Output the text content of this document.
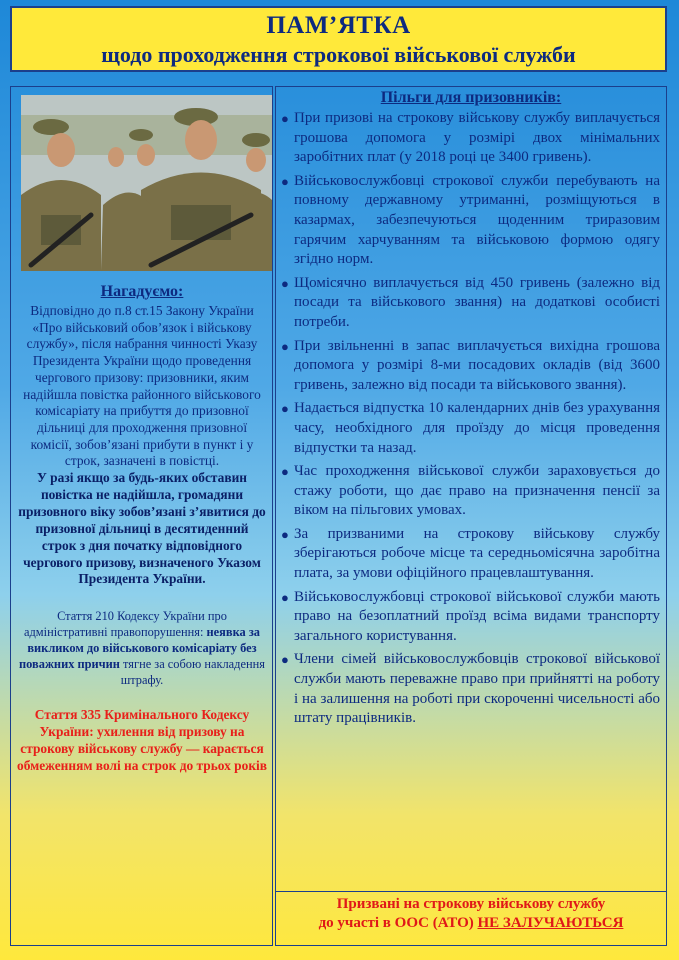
ПАМ’ЯТКА
щодо проходження строкової військової служби
Нагадуємо:
Відповідно до п.8 ст.15 Закону України «Про військовий обов’язок і військову службу», після набрання чинності Указу Президента України щодо проведення чергового призову: призовники, яким надійшла повістка районного військового комісаріату на прибуття до призовної дільниці для проходження призовної комісії, зобов’язані прибути в пункт і у строк, зазначені в повістці.
У разі якщо за будь-яких обставин повістка не надійшла, громадяни призовного віку зобов’язані з’явитися до призовної дільниці в десятиденний строк з дня початку відповідного чергового призову, визначеного Указом Президента України.
Стаття 210 Кодексу України про адміністративні правопорушення: неявка за викликом до військового комісаріату без поважних причин тягне за собою накладення штрафу.
Стаття 335 Кримінального Кодексу України: ухилення від призову на строкову військову службу — карається обмеженням волі на строк до трьох років
Пільги для призовників:
● При призові на строкову військову службу виплачується грошова допомога у розмірі двох мінімальних заробітних плат (у 2018 році це 3400 гривень).
● Військовослужбовці строкової служби перебувають на повному державному утриманні, розміщуються в казармах, забезпечуються щоденним триразовим гарячим харчуванням та військовою формою одягу згідно норм.
● Щомісячно виплачується від 450 гривень (залежно від посади та військового звання) на додаткові особисті потреби.
● При звільненні в запас виплачується вихідна грошова допомога у розмірі 8-ми посадових окладів (від 3600 гривень, залежно від посади та військового звання).
● Надається відпустка 10 календарних днів без урахування часу, необхідного для проїзду до місця проведення відпустки та назад.
● Час проходження військової служби зараховується до стажу роботи, що дає право на призначення пенсії за віком на пільгових умовах.
● За призваними на строкову військову службу зберігаються робоче місце та середньомісячна заробітна плата, за умови офіційного працевлаштування.
● Військовослужбовці строкової військової служби мають право на безоплатний проїзд всіма видами транспорту загального користування.
● Члени сімей військовослужбовців строкової військової служби мають переважне право при прийнятті на роботу і на залишення на роботі при скороченні чисельності або штату працівників.
Призвані на строкову військову службу
до участі в ООС (АТО) НЕ ЗАЛУЧАЮТЬСЯ
